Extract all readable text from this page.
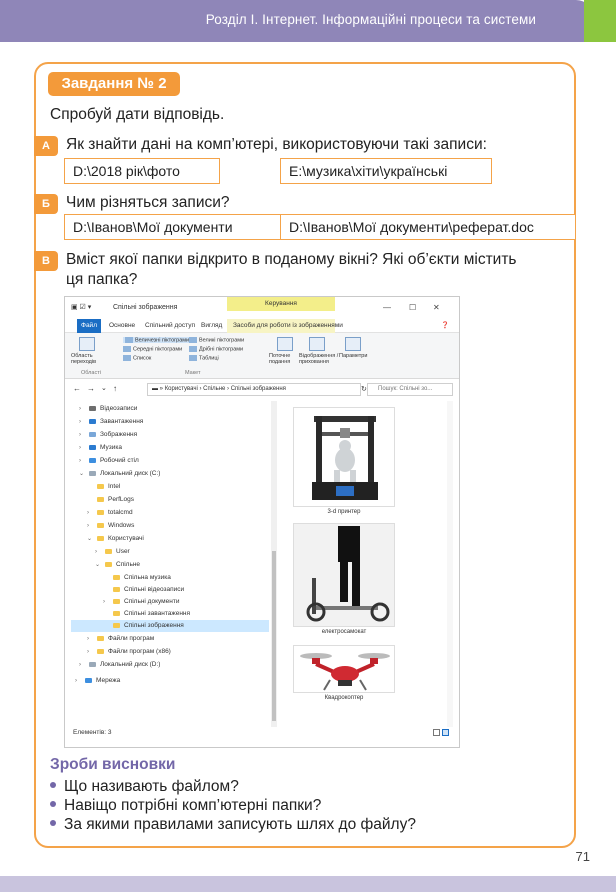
Розділ І. Інтернет. Інформаційні процеси та системи
Завдання № 2
Спробуй дати відповідь.
А	Як знайти дані на комп’ютері, використовуючи такі записи:
D:\2018 рік\фото	E:\музика\хіти\українські
Б	Чим різняться записи?
D:\Іванов\Мої документи	D:\Іванов\Мої документи\реферат.doc
В	Вміст якої папки відкрито в поданому вікні? Які об’єкти містить
ця папка?
▣ ☑ ▾	Спільні зображення	— ☐ ✕
Керування
Файл	Основне Спільний доступ Вигляд Засоби для роботи із зображеннями	❓
Область переходів
Області
Величезні піктограми	Великі піктограми
Середні піктограми	Дрібні піктограми
Список	Таблиці
Макет
Поточне подання
Відображення / приховання
Параметри
← → ⌄ ↑	▬ » Користувачі › Спільне › Спільні зображення	↻	Пошук: Спільні зо...
Відеозаписи
Завантаження
Зображення
Музика
Робочий стіл
Локальний диск (C:)
Intel
PerfLogs
totalcmd
Windows
Користувачі
User
Спільне
Спільна музика
Спільні відеозаписи
Спільні документи
Спільні завантаження
Спільні зображення
Файли програм
Файли програм (x86)
Локальний диск (D:)
Мережа
›
›
›
›
›
⌄
›
›
⌄
›
⌄
›
›
›
›
›
3-d принтер
електросамокат
Квадрокоптер
Елементів: 3
Зроби висновки
Що називають файлом?
Навіщо потрібні комп’ютерні папки?
За якими правилами записують шлях до файлу?
71
